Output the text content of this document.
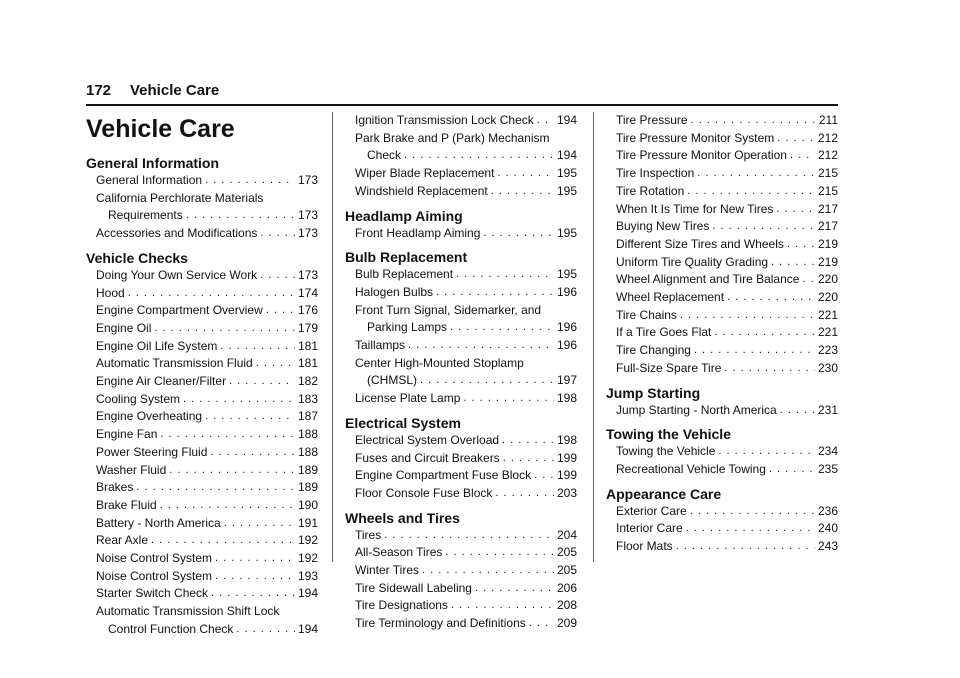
172 Vehicle Care
Vehicle Care
General Information
General Information . . .	173
California Perchlorate Materials
Requirements . . .	173
Accessories and Modifications . . .	173
Vehicle Checks
Doing Your Own Service Work . . .	173
Hood . . .	174
Engine Compartment Overview . . .	176
Engine Oil . . .	179
Engine Oil Life System . . .	181
Automatic Transmission Fluid . . .	181
Engine Air Cleaner/Filter . . .	182
Cooling System . . .	183
Engine Overheating . . .	187
Engine Fan . . .	188
Power Steering Fluid . . .	188
Washer Fluid . . .	189
Brakes . . .	189
Brake Fluid . . .	190
Battery - North America . . .	191
Rear Axle . . .	192
Noise Control System . . .	192
Noise Control System . . .	193
Starter Switch Check . . .	194
Automatic Transmission Shift Lock
Control Function Check . . .	194
Ignition Transmission Lock Check . . . 194
Park Brake and P (Park) Mechanism
Check . . .	194
Wiper Blade Replacement . . .	195
Windshield Replacement . . .	195
Headlamp Aiming
Front Headlamp Aiming . . .	195
Bulb Replacement
Bulb Replacement . . .	195
Halogen Bulbs . . .	196
Front Turn Signal, Sidemarker, and
Parking Lamps . . .	196
Taillamps . . .	196
Center High-Mounted Stoplamp
(CHMSL) . . .	197
License Plate Lamp . . .	198
Electrical System
Electrical System Overload . . .	198
Fuses and Circuit Breakers . . .	199
Engine Compartment Fuse Block . . . 199
Floor Console Fuse Block . . .	203
Wheels and Tires
Tires . . .	204
All-Season Tires . . .	205
Winter Tires . . .	205
Tire Sidewall Labeling . . .	206
Tire Designations . . .	208
Tire Terminology and Definitions . . .	209
Tire Pressure . . .	211
Tire Pressure Monitor System . . .	212
Tire Pressure Monitor Operation . . .	212
Tire Inspection . . .	215
Tire Rotation . . .	215
When It Is Time for New Tires . . .	217
Buying New Tires . . .	217
Different Size Tires and Wheels . . .	219
Uniform Tire Quality Grading . . .	219
Wheel Alignment and Tire Balance . . . 220
Wheel Replacement . . .	220
Tire Chains . . .	221
If a Tire Goes Flat . . .	221
Tire Changing . . .	223
Full-Size Spare Tire . . .	230
Jump Starting
Jump Starting - North America . . .	231
Towing the Vehicle
Towing the Vehicle . . .	234
Recreational Vehicle Towing . . .	235
Appearance Care
Exterior Care . . .	236
Interior Care . . .	240
Floor Mats . . .	243
